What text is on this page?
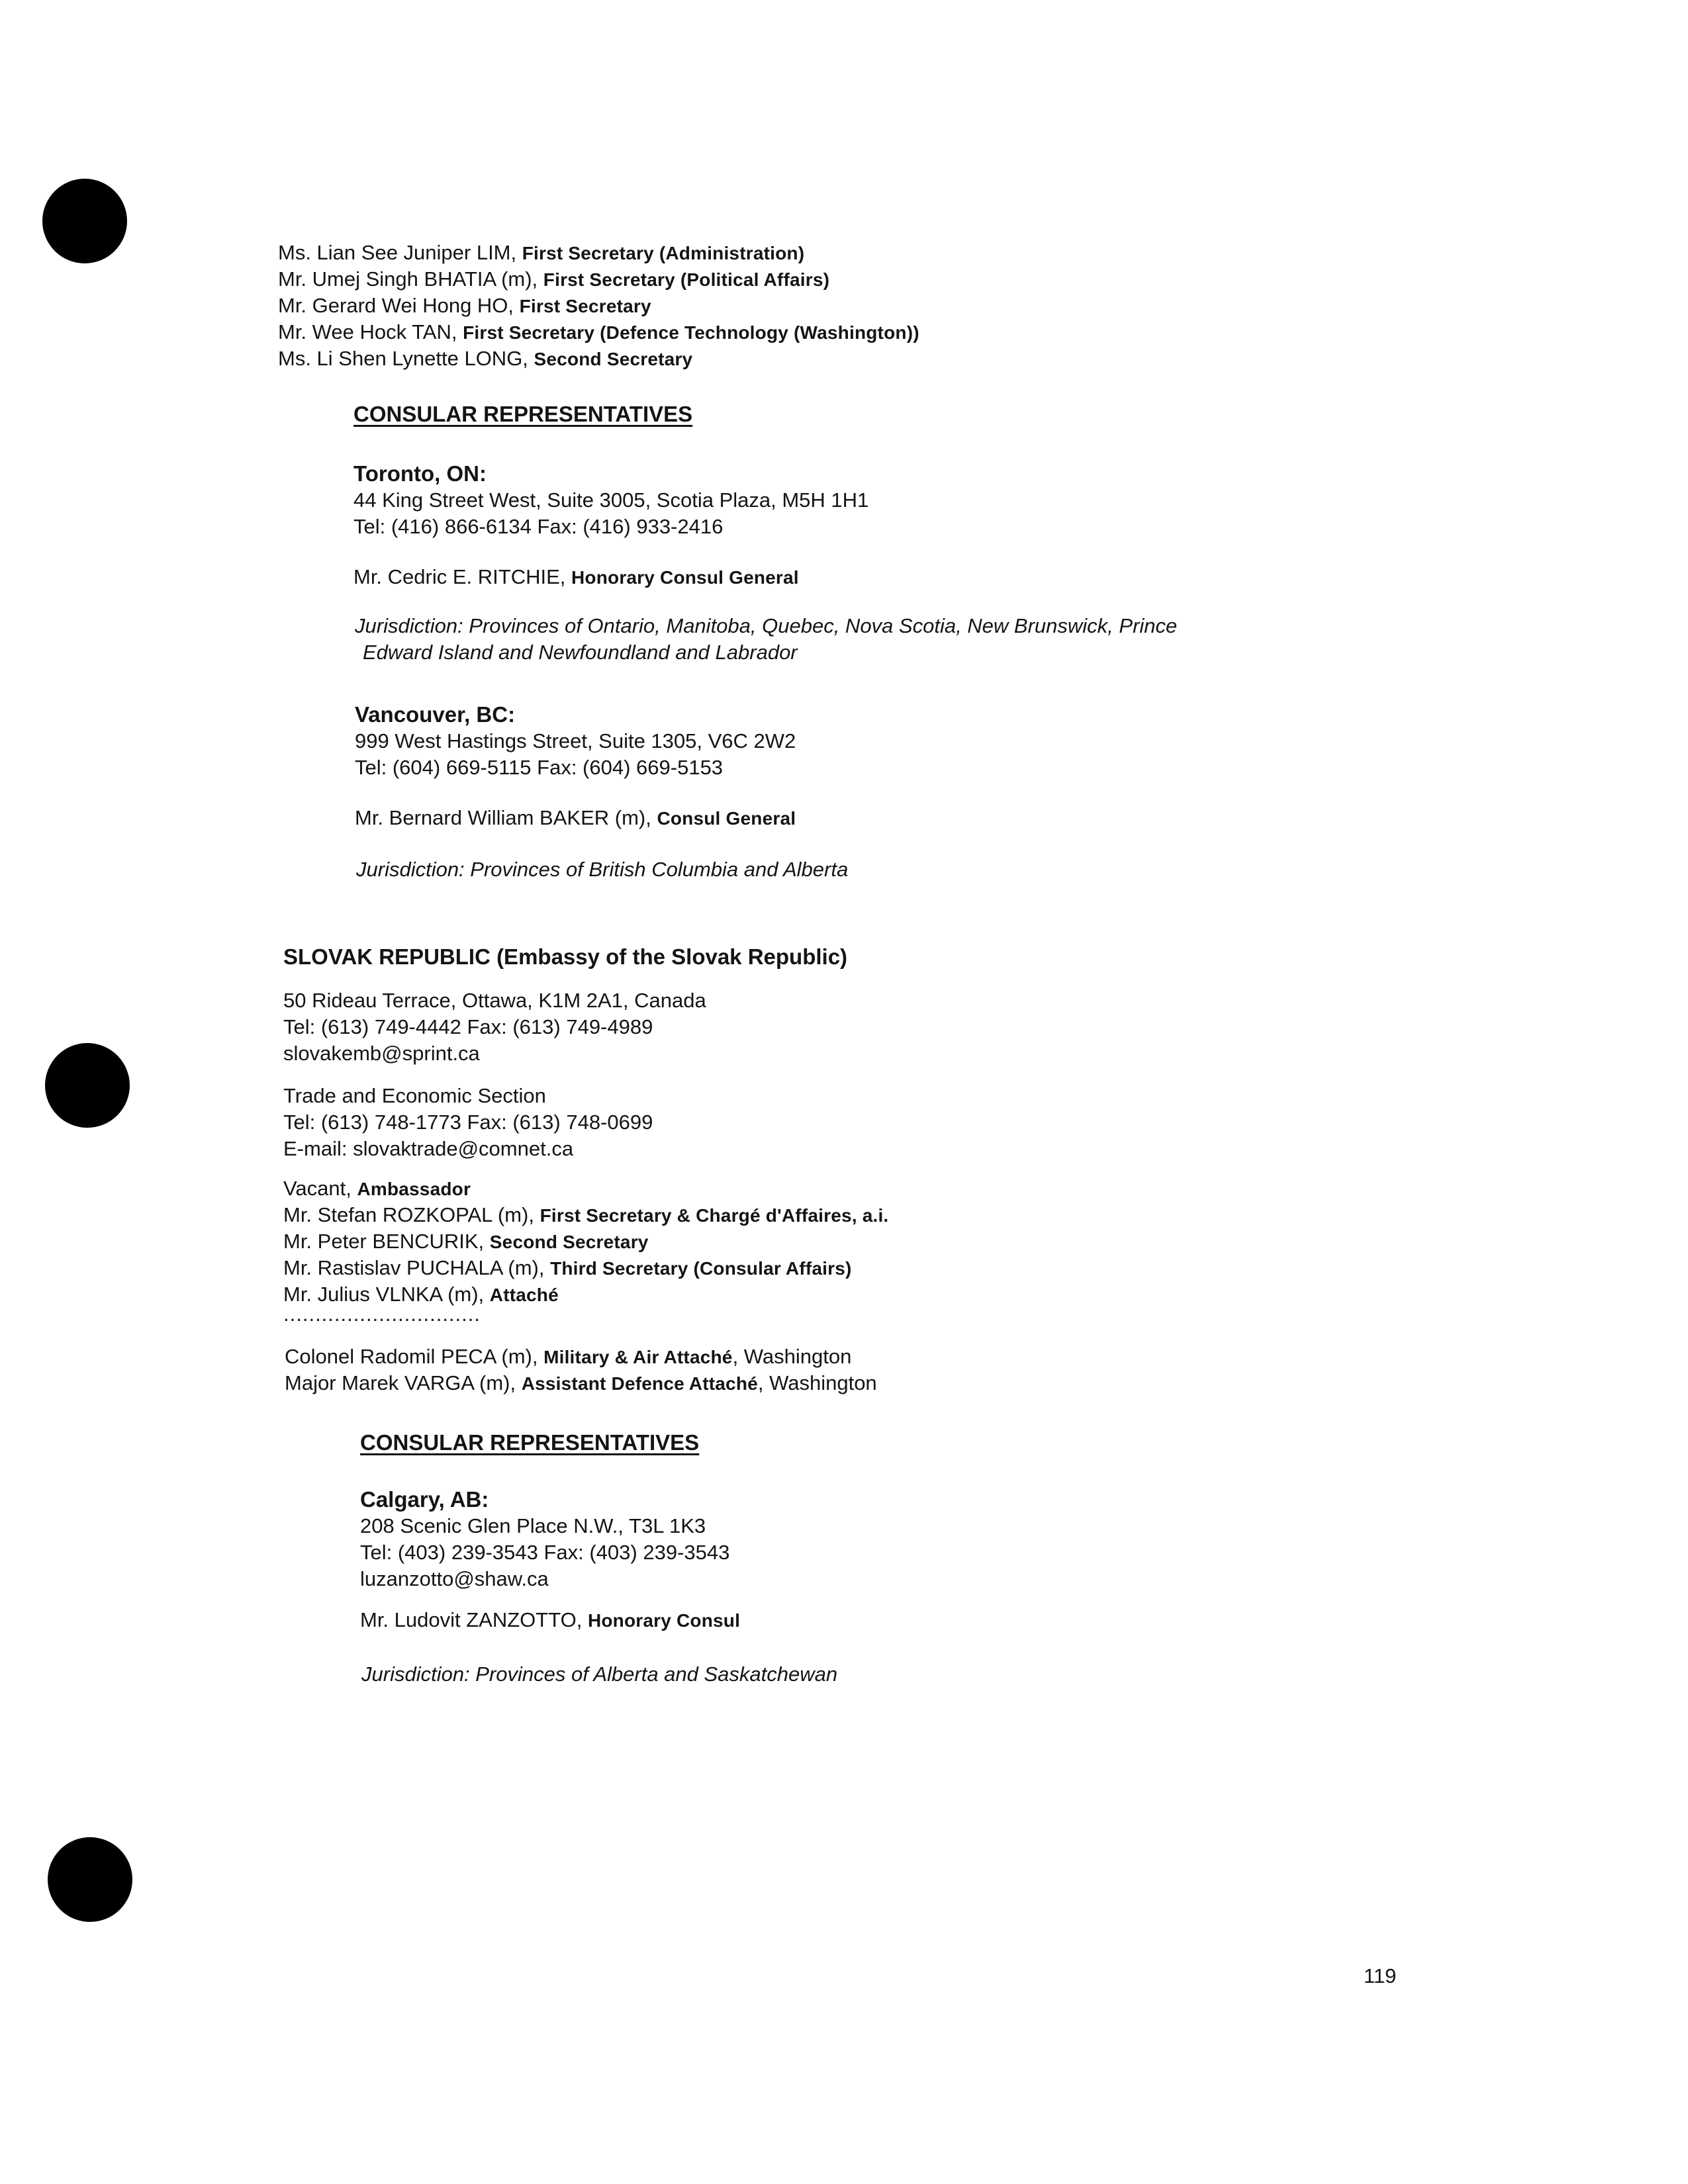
Ms. Lian See Juniper LIM, First Secretary (Administration)
Mr. Umej Singh BHATIA (m), First Secretary (Political Affairs)
Mr. Gerard Wei Hong HO, First Secretary
Mr. Wee Hock TAN, First Secretary (Defence Technology (Washington))
Ms. Li Shen Lynette LONG, Second Secretary
CONSULAR REPRESENTATIVES
Toronto, ON:
44 King Street West, Suite 3005, Scotia Plaza, M5H 1H1
Tel: (416) 866-6134 Fax: (416) 933-2416
Mr. Cedric E. RITCHIE, Honorary Consul General
Jurisdiction: Provinces of Ontario, Manitoba, Quebec, Nova Scotia, New Brunswick, Prince
Edward Island and Newfoundland and Labrador
Vancouver, BC:
999 West Hastings Street, Suite 1305, V6C 2W2
Tel: (604) 669-5115 Fax: (604) 669-5153
Mr. Bernard William BAKER (m), Consul General
Jurisdiction: Provinces of British Columbia and Alberta
SLOVAK REPUBLIC (Embassy of the Slovak Republic)
50 Rideau Terrace, Ottawa, K1M 2A1, Canada
Tel: (613) 749-4442 Fax: (613) 749-4989
slovakemb@sprint.ca
Trade and Economic Section
Tel: (613) 748-1773 Fax: (613) 748-0699
E-mail: slovaktrade@comnet.ca
Vacant, Ambassador
Mr. Stefan ROZKOPAL (m), First Secretary & Chargé d'Affaires, a.i.
Mr. Peter BENCURIK, Second Secretary
Mr. Rastislav PUCHALA (m), Third Secretary (Consular Affairs)
Mr. Julius VLNKA (m), Attaché
...............................
Colonel Radomil PECA (m), Military & Air Attaché, Washington
Major Marek VARGA (m), Assistant Defence Attaché, Washington
CONSULAR REPRESENTATIVES
Calgary, AB:
208 Scenic Glen Place N.W., T3L 1K3
Tel: (403) 239-3543 Fax: (403) 239-3543
luzanzotto@shaw.ca
Mr. Ludovit ZANZOTTO, Honorary Consul
Jurisdiction: Provinces of Alberta and Saskatchewan
119
